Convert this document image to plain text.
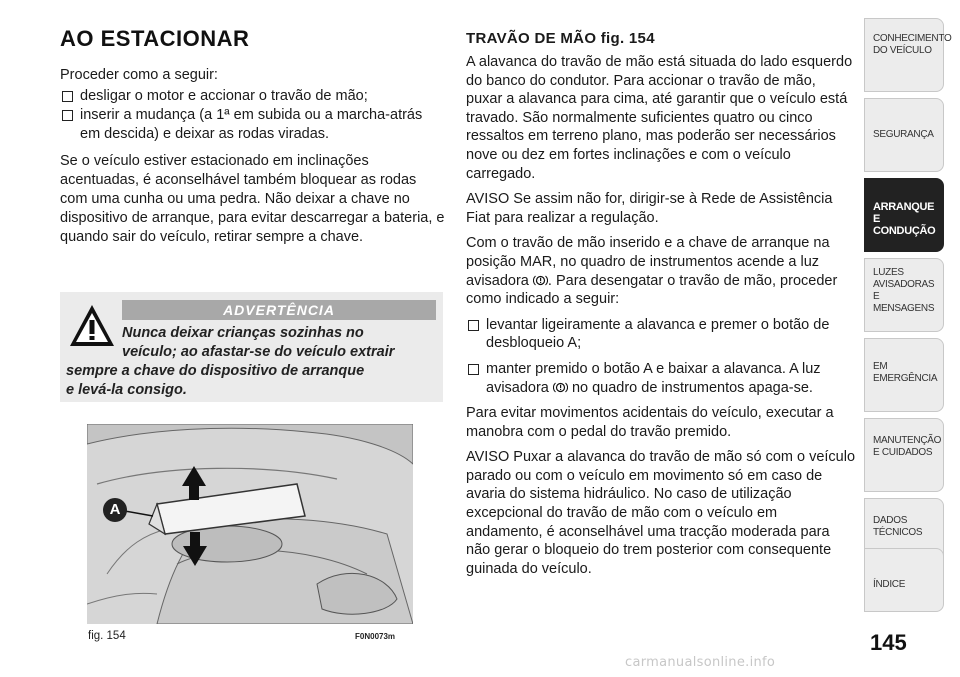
AO ESTACIONAR

Proceder como a seguir:

desligar o motor e accionar o travão de mão;

inserir a mudança (a 1ª em subida ou a marcha-atrás em descida) e deixar as rodas viradas.

Se o veículo estiver estacionado em inclinações acentuadas, é aconselhável também bloquear as rodas com uma cunha ou uma pedra. Não deixar a chave no dispositivo de arranque, para evitar descarregar a bateria, e quando sair do veículo, retirar sempre a chave.

ADVERTÊNCIA
Nunca deixar crianças sozinhas no
veículo; ao afastar-se do veículo extrair
sempre a chave do dispositivo de arranque
e levá-la consigo.
A
fig. 154	F0N0073m
TRAVÃO DE MÃO fig. 154

A alavanca do travão de mão está situada do lado esquerdo do banco do condutor. Para accionar o travão de mão, puxar a alavanca para cima, até garantir que o veículo está travado. São normalmente suficientes quatro ou cinco ressaltos em terreno plano, mas poderão ser necessários nove ou dez em fortes inclinações e com o veículo carregado.

AVISO Se assim não for, dirigir-se à Rede de Assistência Fiat para realizar a regulação.

Com o travão de mão inserido e a chave de arranque na posição MAR, no quadro de instrumentos acende a luz avisadora . Para desengatar o travão de mão, proceder como indicado a seguir:

levantar ligeiramente a alavanca e premer o botão de desbloqueio A;

manter premido o botão A e baixar a alavanca. A luz avisadora no quadro de instrumentos apaga-se.

Para evitar movimentos acidentais do veículo, executar a manobra com o pedal do travão premido.

AVISO Puxar a alavanca do travão de mão só com o veículo parado ou com o veículo em movimento só em caso de avaria do sistema hidráulico. No caso de utilização excepcional do travão de mão com o veículo em andamento, é aconselhável uma tracção moderada para não gerar o bloqueio do trem posterior com consequente guinada do veículo.

CONHECIMENTO
DO VEÍCULO
SEGURANÇA
ARRANQUE
E CONDUÇÃO
LUZES
AVISADORAS
E MENSAGENS
EM EMERGÊNCIA
MANUTENÇÃO
E CUIDADOS
DADOS
TÉCNICOS
ÍNDICE
145
carmanualsonline.info
